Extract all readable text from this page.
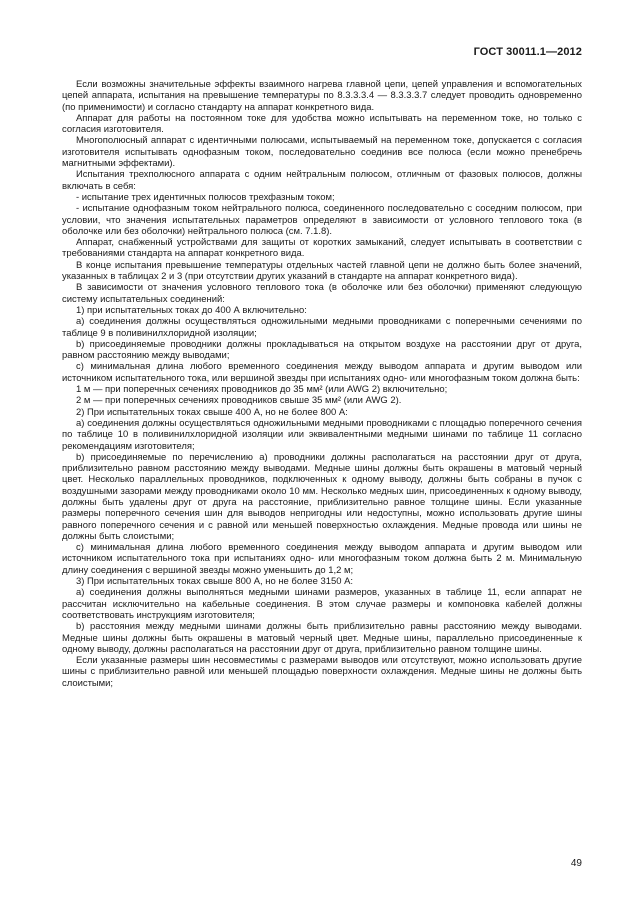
ГОСТ 30011.1—2012

Если возможны значительные эффекты взаимного нагрева главной цепи, цепей управления и вспомогательных цепей аппарата, испытания на превышение температуры по 8.3.3.3.4 — 8.3.3.3.7 следует проводить одновременно (по применимости) и согласно стандарту на аппарат конкретного вида.

Аппарат для работы на постоянном токе для удобства можно испытывать на переменном токе, но только с согласия изготовителя.

Многополюсный аппарат с идентичными полюсами, испытываемый на переменном токе, допускается с согласия изготовителя испытывать однофазным током, последовательно соединив все полюса (если можно пренебречь магнитными эффектами).

Испытания трехполюсного аппарата с одним нейтральным полюсом, отличным от фазовых полюсов, должны включать в себя:

- испытание трех идентичных полюсов трехфазным током;

- испытание однофазным током нейтрального полюса, соединенного последовательно с соседним полюсом, при условии, что значения испытательных параметров определяют в зависимости от условного теплового тока (в оболочке или без оболочки) нейтрального полюса (см. 7.1.8).

Аппарат, снабженный устройствами для защиты от коротких замыканий, следует испытывать в соответствии с требованиями стандарта на аппарат конкретного вида.

В конце испытания превышение температуры отдельных частей главной цепи не должно быть более значений, указанных в таблицах 2 и 3 (при отсутствии других указаний в стандарте на аппарат конкретного вида).

В зависимости от значения условного теплового тока (в оболочке или без оболочки) применяют следующую систему испытательных соединений:

1) при испытательных токах до 400 А включительно:

a) соединения должны осуществляться одножильными медными проводниками с поперечными сечениями по таблице 9 в поливинилхлоридной изоляции;

b) присоединяемые проводники должны прокладываться на открытом воздухе на расстоянии друг от друга, равном расстоянию между выводами;

c) минимальная длина любого временного соединения между выводом аппарата и другим выводом или источником испытательного тока, или вершиной звезды при испытаниях одно- или многофазным током должна быть:

1 м — при поперечных сечениях проводников до 35 мм² (или AWG 2) включительно;

2 м — при поперечных сечениях проводников свыше 35 мм² (или AWG 2).

2) При испытательных токах свыше 400 А, но не более 800 А:

a) соединения должны осуществляться одножильными медными проводниками с площадью поперечного сечения по таблице 10 в поливинилхлоридной изоляции или эквивалентными медными шинами по таблице 11 согласно рекомендациям изготовителя;

b) присоединяемые по перечислению а) проводники должны располагаться на расстоянии друг от друга, приблизительно равном расстоянию между выводами. Медные шины должны быть окрашены в матовый черный цвет. Несколько параллельных проводников, подключенных к одному выводу, должны быть собраны в пучок с воздушными зазорами между проводниками около 10 мм. Несколько медных шин, присоединенных к одному выводу, должны быть удалены друг от друга на расстояние, приблизительно равное толщине шины. Если указанные размеры поперечного сечения шин для выводов непригодны или недоступны, можно использовать другие шины равного поперечного сечения и с равной или меньшей поверхностью охлаждения. Медные провода или шины не должны быть слоистыми;

c) минимальная длина любого временного соединения между выводом аппарата и другим выводом или источником испытательного тока при испытаниях одно- или многофазным током должна быть 2 м. Минимальную длину соединения с вершиной звезды можно уменьшить до 1,2 м;

3) При испытательных токах свыше 800 А, но не более 3150 А:

a) соединения должны выполняться медными шинами размеров, указанных в таблице 11, если аппарат не рассчитан исключительно на кабельные соединения. В этом случае размеры и компоновка кабелей должны соответствовать инструкциям изготовителя;

b) расстояния между медными шинами должны быть приблизительно равны расстоянию между выводами. Медные шины должны быть окрашены в матовый черный цвет. Медные шины, параллельно присоединенные к одному выводу, должны располагаться на расстоянии друг от друга, приблизительно равном толщине шины.

Если указанные размеры шин несовместимы с размерами выводов или отсутствуют, можно использовать другие шины с приблизительно равной или меньшей площадью поверхности охлаждения. Медные шины не должны быть слоистыми;

49
